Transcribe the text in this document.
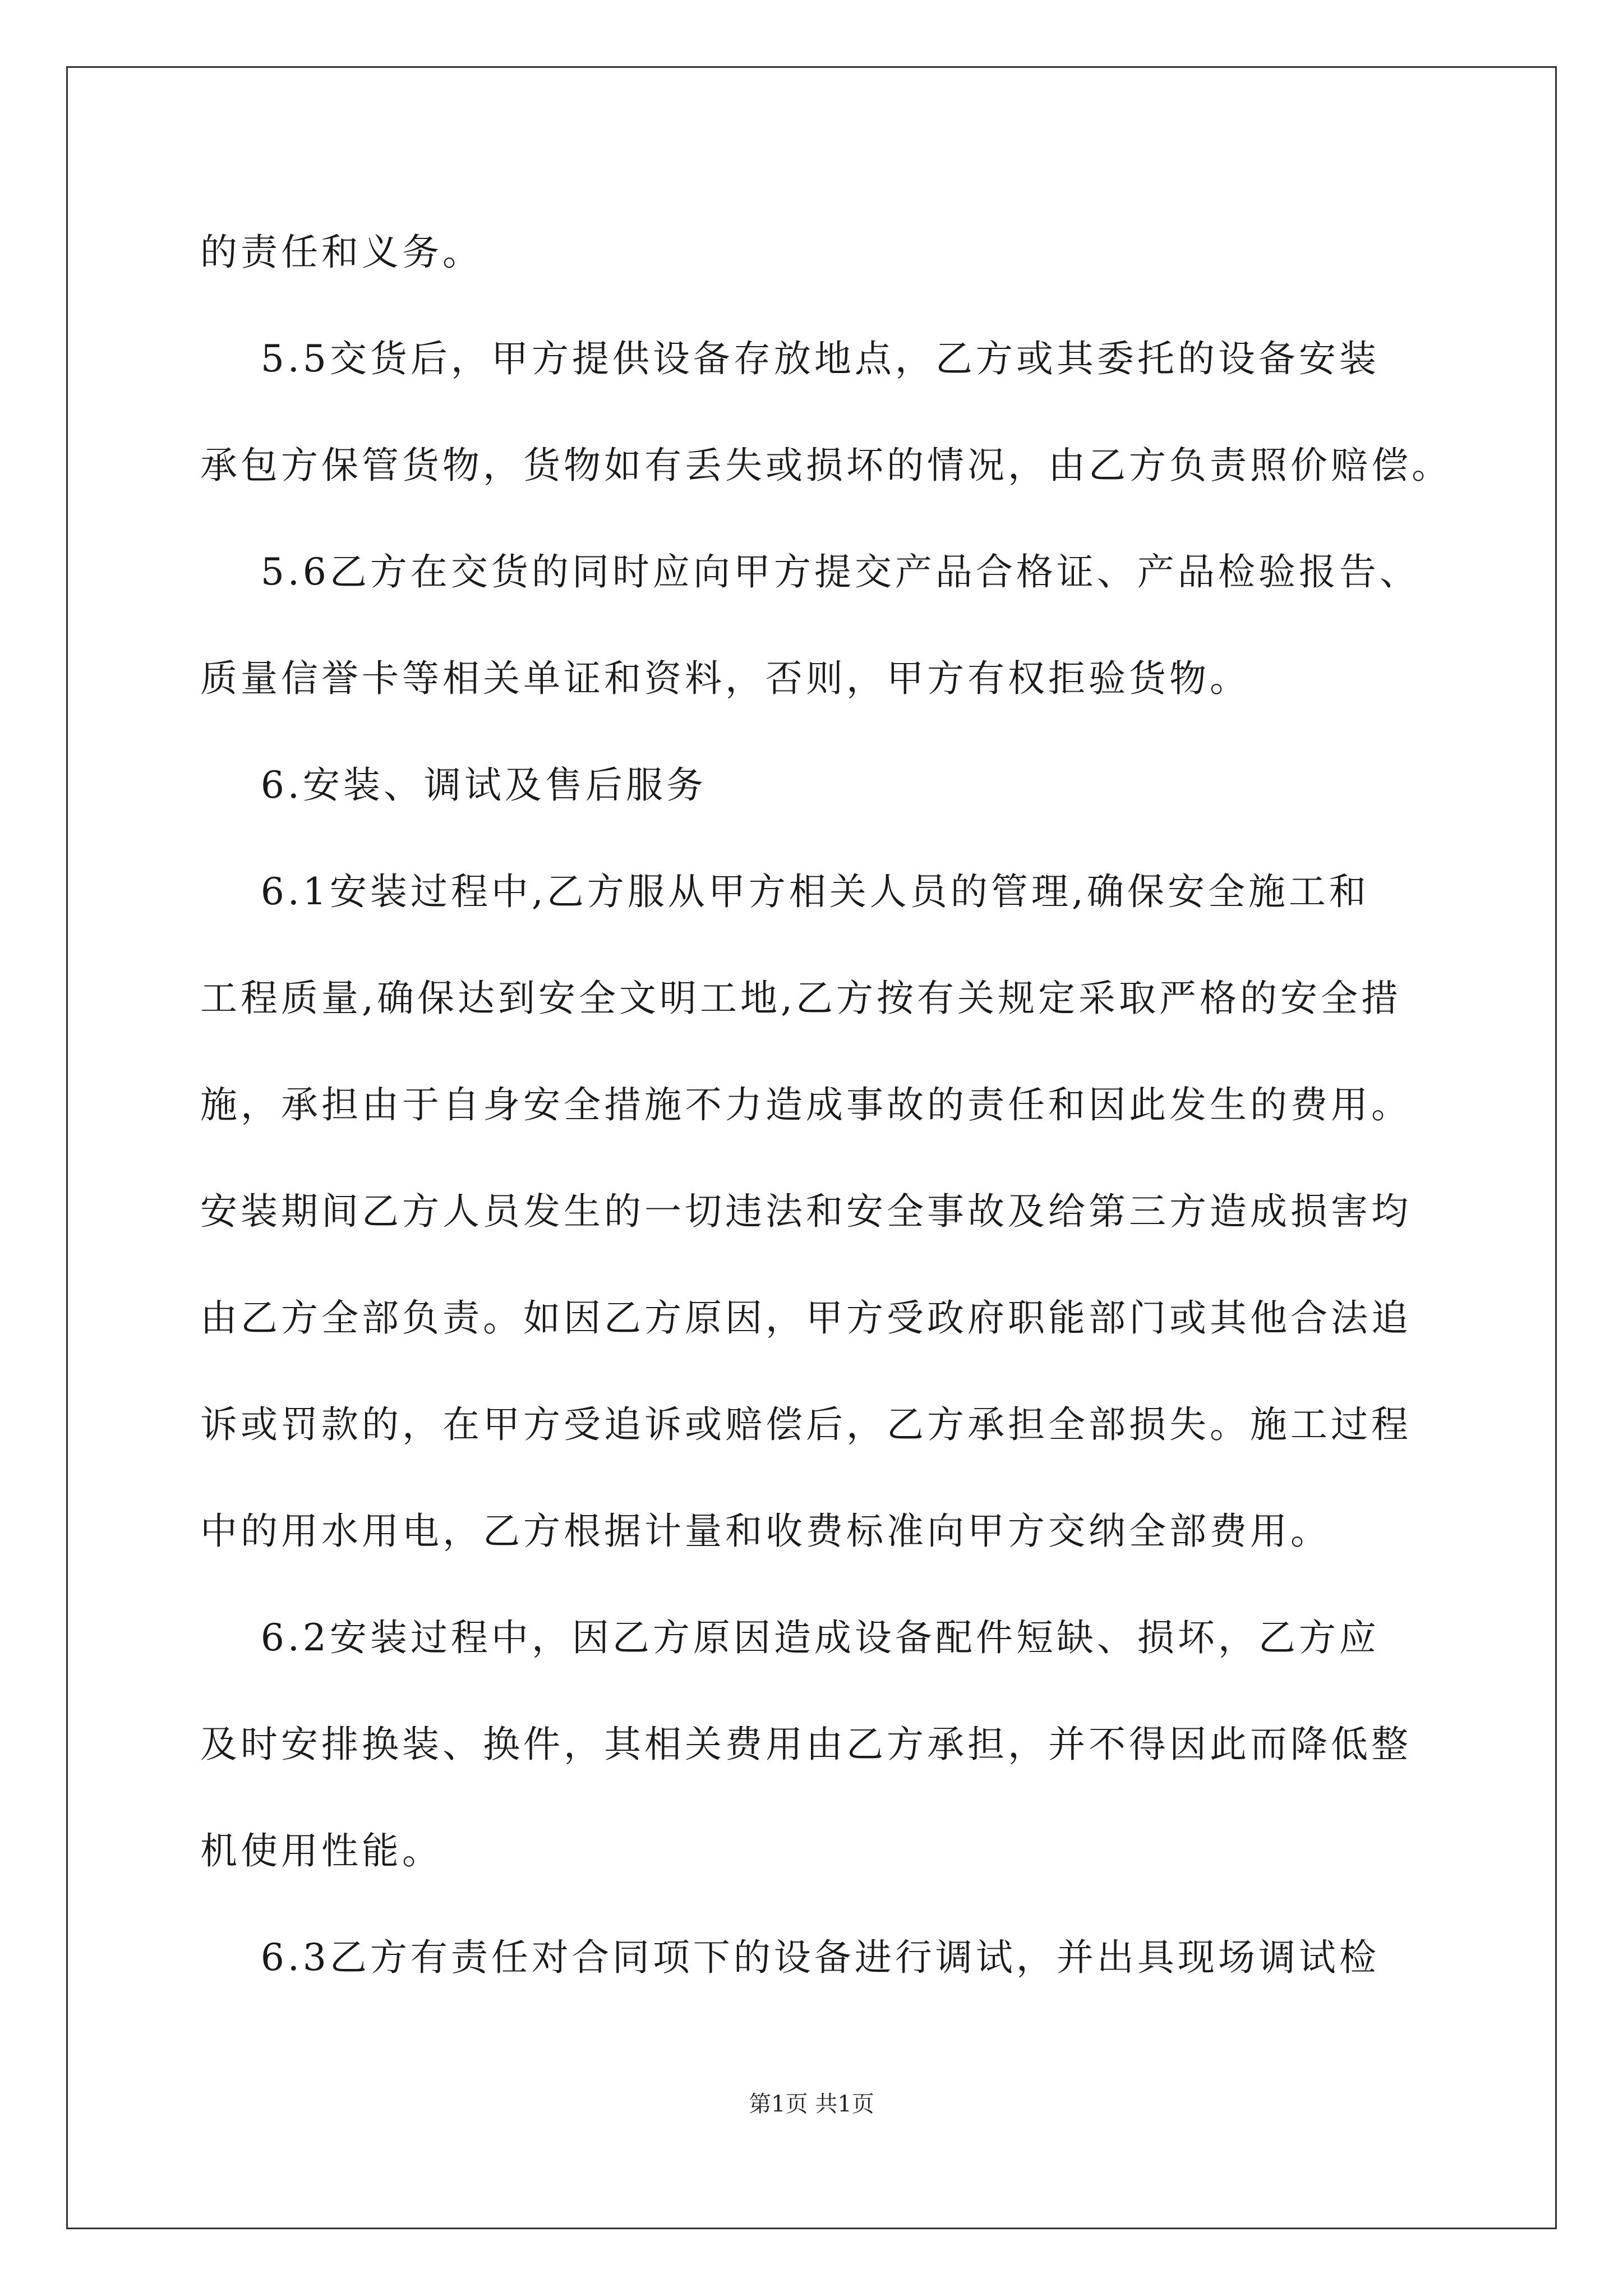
的责任和义务。
5.5交货后，甲方提供设备存放地点，乙方或其委托的设备安装
承包方保管货物，货物如有丢失或损坏的情况，由乙方负责照价赔偿。
5.6乙方在交货的同时应向甲方提交产品合格证、产品检验报告、
质量信誉卡等相关单证和资料，否则，甲方有权拒验货物。
6.安装、调试及售后服务
6.1安装过程中,乙方服从甲方相关人员的管理,确保安全施工和
工程质量,确保达到安全文明工地,乙方按有关规定采取严格的安全措
施，承担由于自身安全措施不力造成事故的责任和因此发生的费用。
安装期间乙方人员发生的一切违法和安全事故及给第三方造成损害均
由乙方全部负责。如因乙方原因，甲方受政府职能部门或其他合法追
诉或罚款的，在甲方受追诉或赔偿后，乙方承担全部损失。施工过程
中的用水用电，乙方根据计量和收费标准向甲方交纳全部费用。
6.2安装过程中，因乙方原因造成设备配件短缺、损坏，乙方应
及时安排换装、换件，其相关费用由乙方承担，并不得因此而降低整
机使用性能。
6.3乙方有责任对合同项下的设备进行调试，并出具现场调试检
第1页 共1页
